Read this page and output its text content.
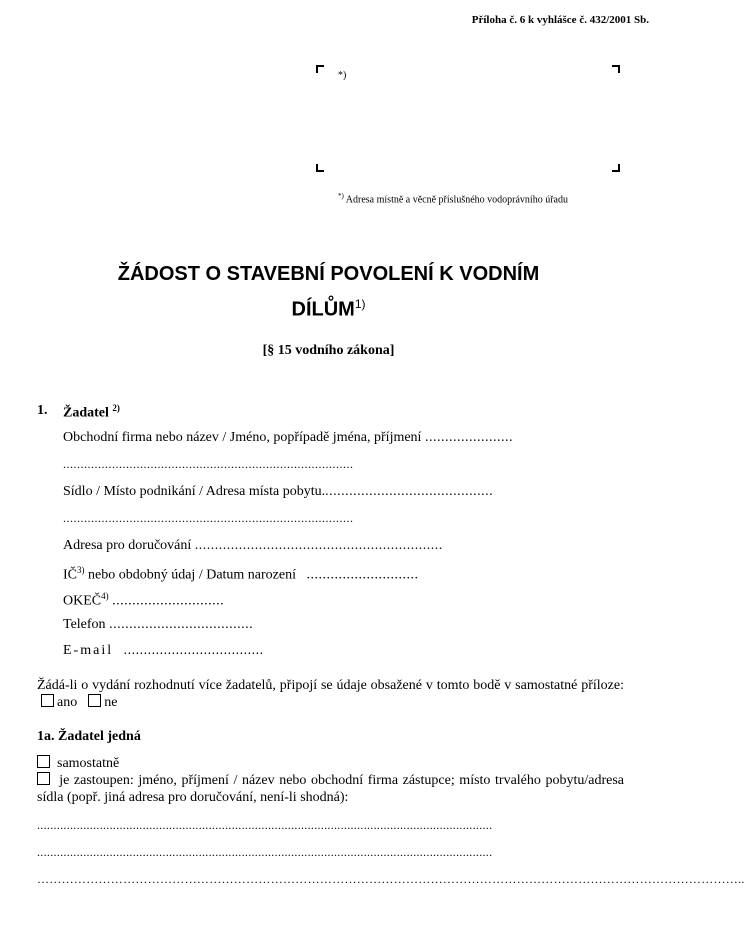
Příloha č. 6 k vyhlášce č. 432/2001 Sb.
*)
*) Adresa místně a věcně příslušného vodoprávního úřadu
ŽÁDOST O STAVEBNÍ POVOLENÍ K VODNÍM
DÍLŮM$^{1)}$
[§ 15 vodního zákona]
1. Žadatel $^{2)}$
Obchodní firma nebo název / Jméno, popřípadě jména, příjmení ......................
...................................................................................
Sídlo / Místo podnikání / Adresa místa pobytu...........................................
...................................................................................
Adresa pro doručování ..............................................................
IČ$^{3)}$ nebo obdobný údaj / Datum narození ............................
OKEČ$^{4)}$ ............................
Telefon ....................................
E-mail ...................................
Žádá-li o vydání rozhodnutí více žadatelů, připojí se údaje obsažené v tomto bodě v samostatné příloze:   ano ne
1a. Žadatel jedná
samostatně
je zastoupen: jméno, příjmení / název nebo obchodní firma zástupce; místo trvalého pobytu/adresa sídla (popř. jiná adresa pro doručování, není-li shodná):
..........................................................................................................................................
..........................................................................................................................................
………………………………………………………………………………………………………………………………………………………..
